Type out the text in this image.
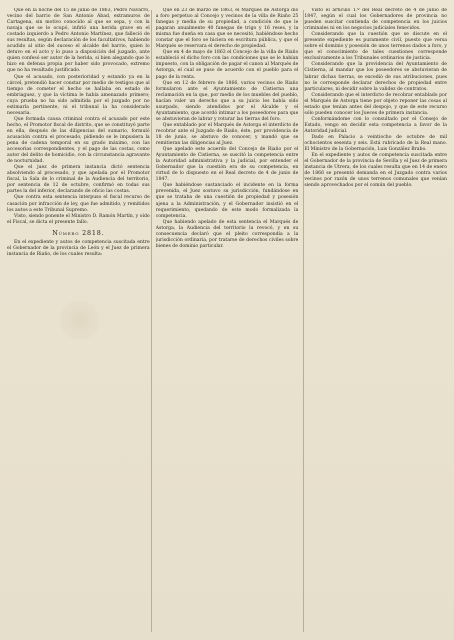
Que en la noche del 15 de junio de 1863, Pedro Navarro, vecino del barrio de San Antonio Abad, extramuros de Cartagena, sin motivo conocido al que se sepa, y con la navaja que se le ocupó, infirió una herida grave en el costado izquierdo a Pedro Antonio Martínez, que falleció de sus resultas, según declaración de los facultativos, habiendo acudido al sitio del suceso el alcalde del barrio, quien lo detuvo en el acto y lo puso a disposición del juzgado, ante quien confesó ser autor de la herida, si bien alegando que lo hizo en defensa propia por haber sido provocado, extremo que no ha resultado justificado.

Que el acusado, con posterioridad y estando ya en la cárcel, pretendió hacer constar por medio de testigos que al tiempo de cometer el hecho se hallaba en estado de embriaguez, y que la víctima le había amenazado primero; cuya prueba no ha sido admitida por el juzgado por no estimarla pertinente, ni el tribunal la ha considerado necesaria.

Que formada causa criminal contra el acusado por este hecho, el Promotor fiscal de distrito, que se constituyó parte en ella, después de las diligencias del sumario, formuló acusación contra el procesado, pidiendo se le impusiera la pena de cadena temporal en su grado máximo, con las accesorias correspondientes, y el pago de las costas, como autor del delito de homicidio, con la circunstancia agravante de nocturnidad.

Que el juez de primera instancia dictó sentencia absolviendo al procesado, y que apelada por el Promotor fiscal, la Sala de lo criminal de la Audiencia del territorio, por sentencia de 12 de octubre, confirmó en todas sus partes la del inferior, declarando de oficio las costas.

Que contra esta sentencia interpuso el fiscal recurso de casación por infracción de ley, que fue admitido, y remitidos los autos a este Tribunal Supremo.

Visto, siendo ponente el Ministro D. Ramón Martín, y oído el Fiscal, se dicta el presente fallo.

Número 2818.

En el expediente y autos de competencia suscitada entre el Gobernador de la provincia de León y el Juez de primera instancia de Riaño, de los cuales resulta:

Que en 23 de marzo de 1863, el Marqués de Astorga dio a foro perpetuo al Concejo y vecinos de la villa de Riaño 25 fanegas y media de su propiedad, a condición de que le pagaran anualmente 40 fanegas de trigo y 16 reses, y la misma fue dueña en casa que se necesitó, habiéndose hecho constar que el foro se hiciera en escritura pública, y que el Marqués se reservara el derecho de propiedad.

Que en 4 de mayo de 1863 el Concejo de la villa de Riaño estableció el dicho foro con las condiciones que se le habían impuesto, con la obligación de pagar el canon al Marqués de Astorga, el cual se puso de acuerdo con el pueblo para el pago de la renta.

Que en 12 de febrero de 1866, varios vecinos de Riaño formularon ante el Ayuntamiento de Cistierna una reclamación en la que, por medio de los muebles del pueblo, hacían valer un derecho que a su juicio les había sido usurpado, siendo atendidos por el Alcalde y el Ayuntamiento, que acordó intimar a los poseedores para que se abstuvieran de labrar y roturar las tierras del foro.

Que entablado por el Marqués de Astorga el interdicto de recobrar ante el Juzgado de Riaño, éste, por providencia de 18 de junio, se abstuvo de conocer, y mandó que se remitieran las diligencias al Juez.

Que apelado este acuerdo del Concejo de Riaño por el Ayuntamiento de Cistierna, se suscitó la competencia entre la Autoridad administrativa y la judicial, por entender el Gobernador que la cuestión era de su competencia, en virtud de lo dispuesto en el Real decreto de 4 de junio de 1847.

Que habiéndose sustanciado el incidente en la forma prevenida, el Juez sostuvo su jurisdicción, fundándose en que se trataba de una cuestión de propiedad y posesión ajena a la Administración, y el Gobernador insistió en el requerimiento, quedando de este modo formalizada la competencia.

Que habiendo apelado de esta sentencia el Marqués de Astorga, la Audiencia del territorio la revocó, y en su consecuencia declaró que el pleito correspondía a la jurisdicción ordinaria, por tratarse de derechos civiles sobre bienes de dominio particular.

Visto el artículo 1.º del Real decreto de 4 de junio de 1847, según el cual los Gobernadores de provincia no pueden suscitar contienda de competencia en los juicios criminales ni en los negocios judiciales fenecidos.

Considerando que la cuestión que se discute en el presente expediente es puramente civil, puesto que versa sobre el dominio y posesión de unos terrenos dados a foro, y que el conocimiento de tales cuestiones corresponde exclusivamente a los Tribunales ordinarios de justicia.

Considerando que la providencia del Ayuntamiento de Cistierna, al mandar que los poseedores se abstuvieran de labrar dichas tierras, se excedió de sus atribuciones, pues no le corresponde declarar derechos de propiedad entre particulares, ni decidir sobre la validez de contratos.

Considerando que el interdicto de recobrar entablado por el Marqués de Astorga tiene por objeto reponer las cosas al estado que tenían antes del despojo, y que de este recurso sólo pueden conocer los Jueces de primera instancia.

Conformándome con lo consultado por el Consejo de Estado, vengo en decidir esta competencia a favor de la Autoridad judicial.

Dado en Palacio a veintiocho de octubre de mil ochocientos sesenta y seis. Está rubricado de la Real mano. El Ministro de la Gobernación, Luis González Brabo.

En el expediente y autos de competencia suscitada entre el Gobernador de la provincia de Sevilla y el Juez de primera instancia de Utrera, de los cuales resulta que en 14 de enero de 1866 se presentó demanda en el Juzgado contra varios vecinos por razón de unos terrenos comunales que venían siendo aprovechados por el común del pueblo.
